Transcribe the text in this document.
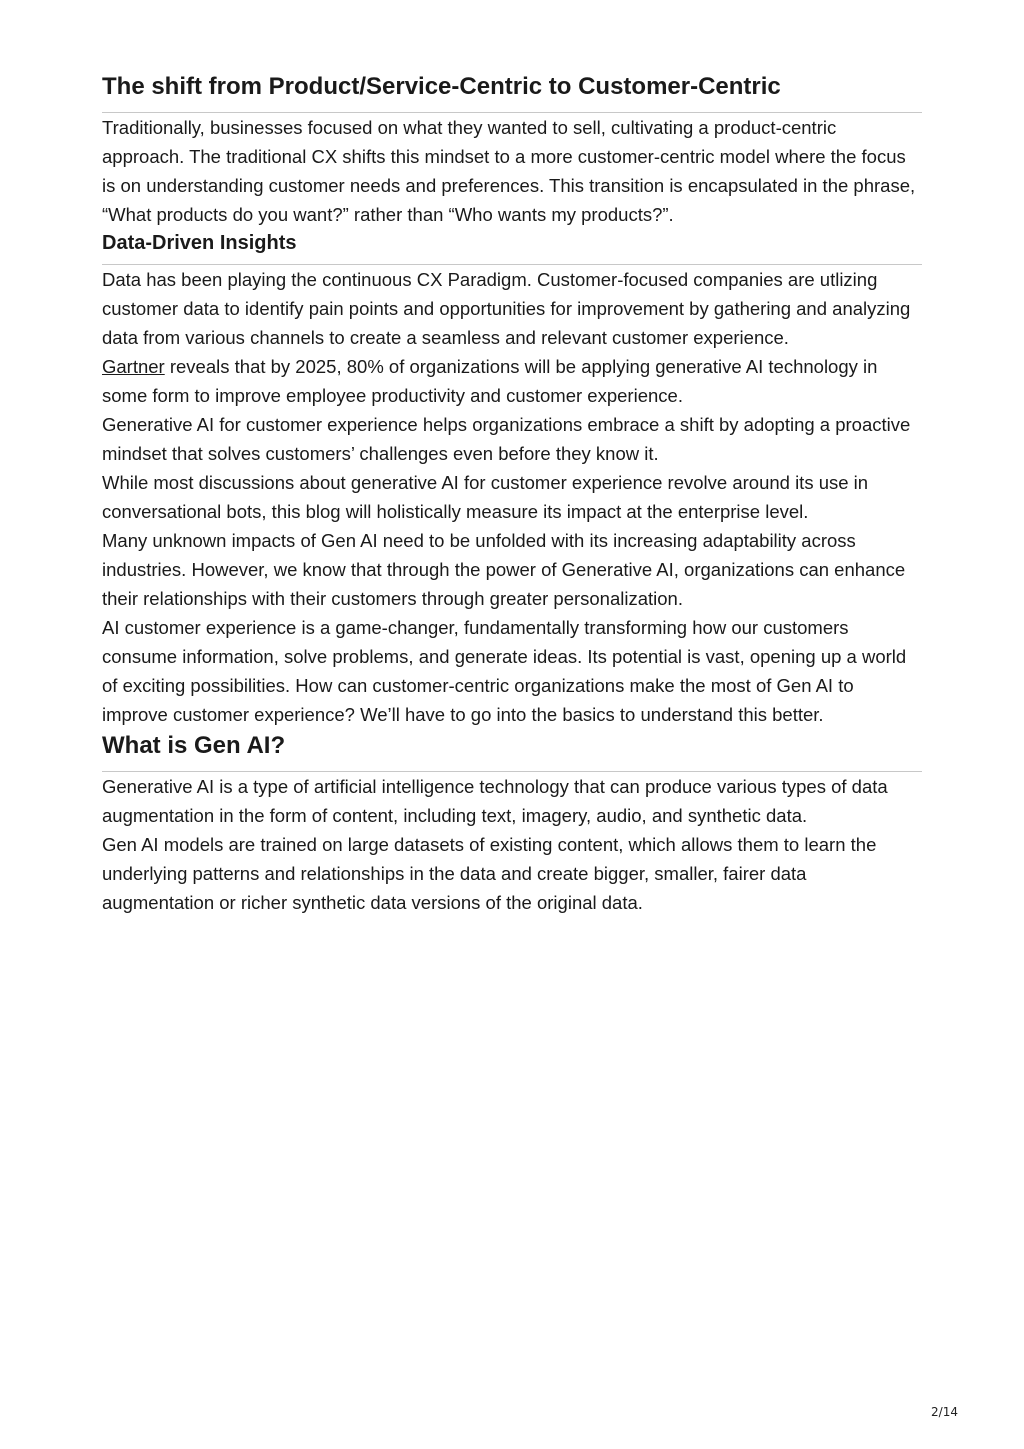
The shift from Product/Service-Centric to Customer-Centric

Traditionally, businesses focused on what they wanted to sell, cultivating a product-centric approach. The traditional CX shifts this mindset to a more customer-centric model where the focus is on understanding customer needs and preferences. This transition is encapsulated in the phrase, “What products do you want?” rather than “Who wants my products?”.

Data-Driven Insights

Data has been playing the continuous CX Paradigm. Customer-focused companies are utlizing customer data to identify pain points and opportunities for improvement by gathering and analyzing data from various channels to create a seamless and relevant customer experience.

Gartner reveals that by 2025, 80% of organizations will be applying generative AI technology in some form to improve employee productivity and customer experience.

Generative AI for customer experience helps organizations embrace a shift by adopting a proactive mindset that solves customers’ challenges even before they know it.

While most discussions about generative AI for customer experience revolve around its use in conversational bots, this blog will holistically measure its impact at the enterprise level.

Many unknown impacts of Gen AI need to be unfolded with its increasing adaptability across industries. However, we know that through the power of Generative AI, organizations can enhance their relationships with their customers through greater personalization.

AI customer experience is a game-changer, fundamentally transforming how our customers consume information, solve problems, and generate ideas. Its potential is vast, opening up a world of exciting possibilities. How can customer-centric organizations make the most of Gen AI to improve customer experience? We’ll have to go into the basics to understand this better.

What is Gen AI?

Generative AI is a type of artificial intelligence technology that can produce various types of data augmentation in the form of content, including text, imagery, audio, and synthetic data.

Gen AI models are trained on large datasets of existing content, which allows them to learn the underlying patterns and relationships in the data and create bigger, smaller, fairer data augmentation or richer synthetic data versions of the original data.

2/14
